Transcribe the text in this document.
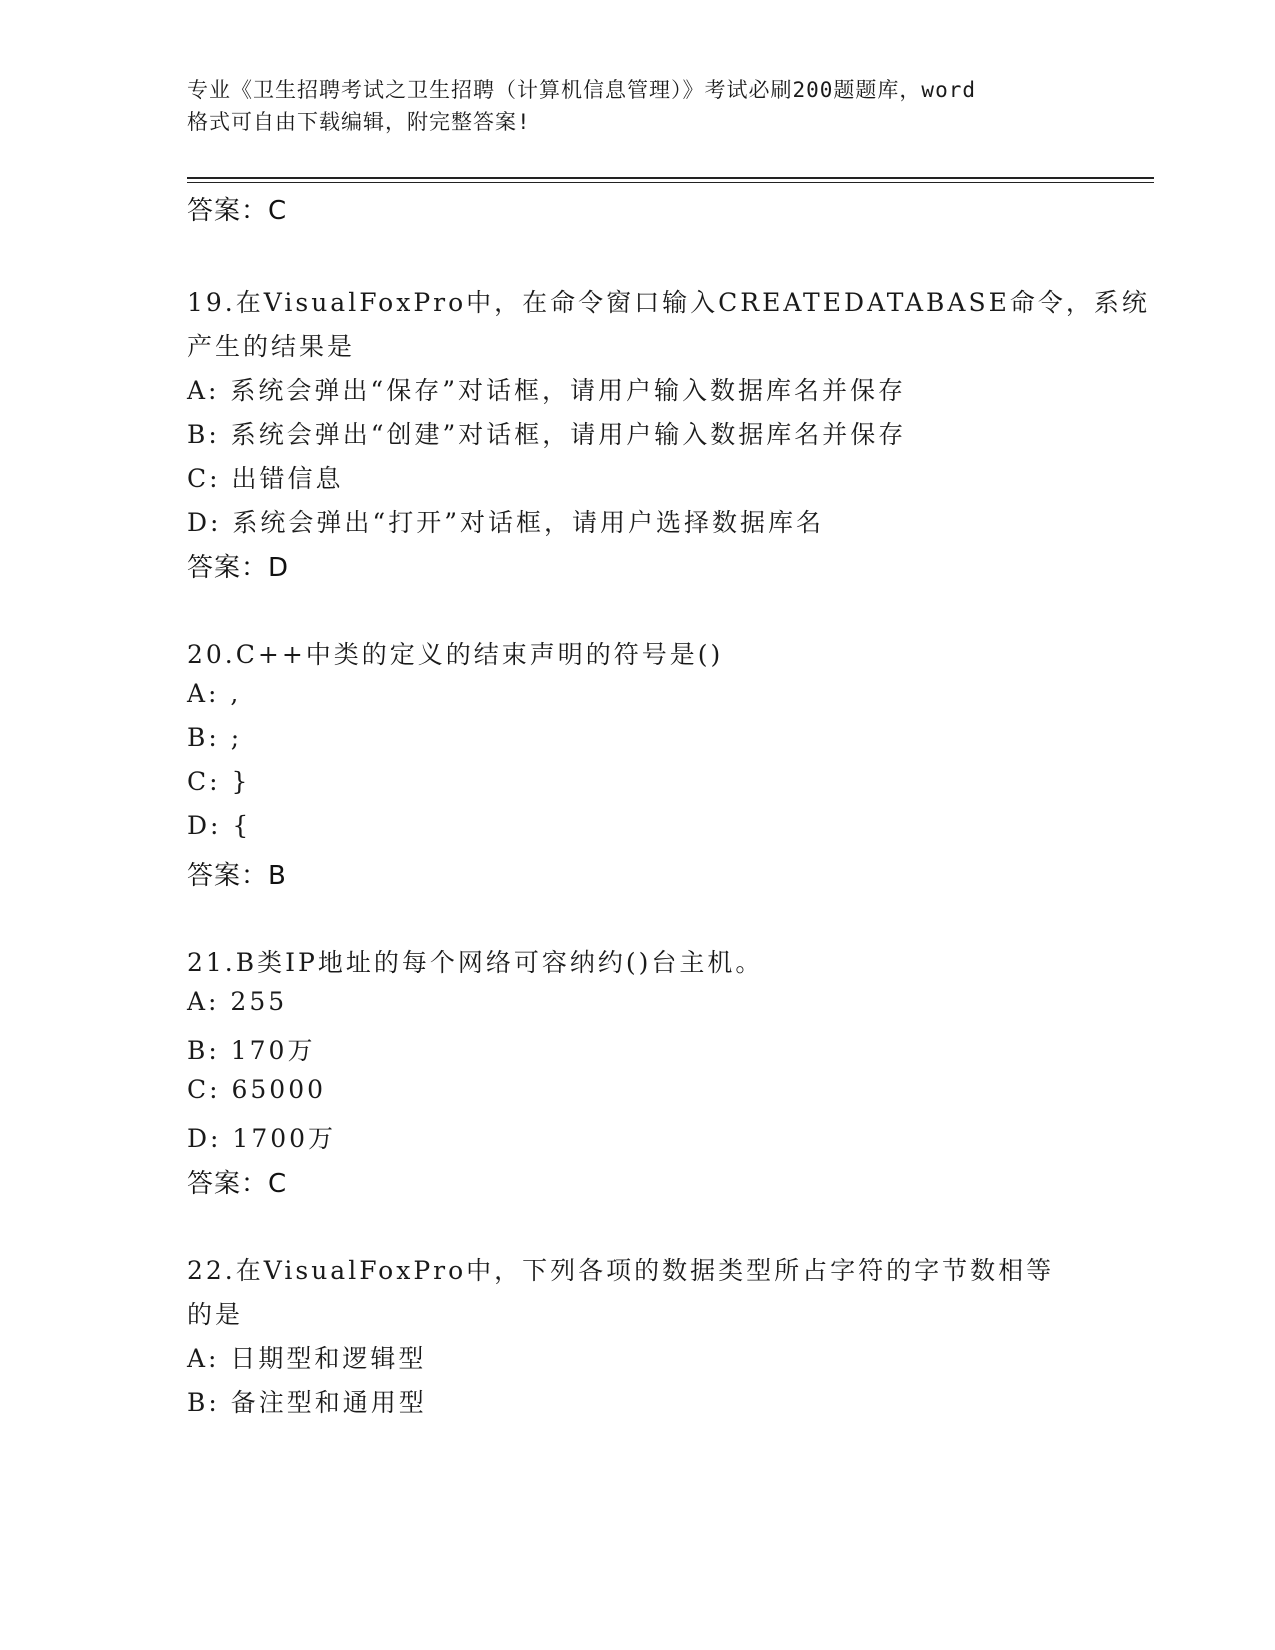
专业《卫生招聘考试之卫生招聘（计算机信息管理）》考试必刷200题题库，word
格式可自由下载编辑，附完整答案!
答案：C
19.在VisualFoxPro中，在命令窗口输入CREATEDATABASE命令，系统
产生的结果是
A: 系统会弹出“保存”对话框，请用户输入数据库名并保存
B: 系统会弹出“创建”对话框，请用户输入数据库名并保存
C: 出错信息
D: 系统会弹出“打开”对话框，请用户选择数据库名
答案：D
20.C++中类的定义的结束声明的符号是()
A: ,
B: ;
C: }
D: {
答案：B
21.B类IP地址的每个网络可容纳约()台主机。
A: 255
B: 170万
C: 65000
D: 1700万
答案：C
22.在VisualFoxPro中，下列各项的数据类型所占字符的字节数相等
的是
A: 日期型和逻辑型
B: 备注型和通用型
